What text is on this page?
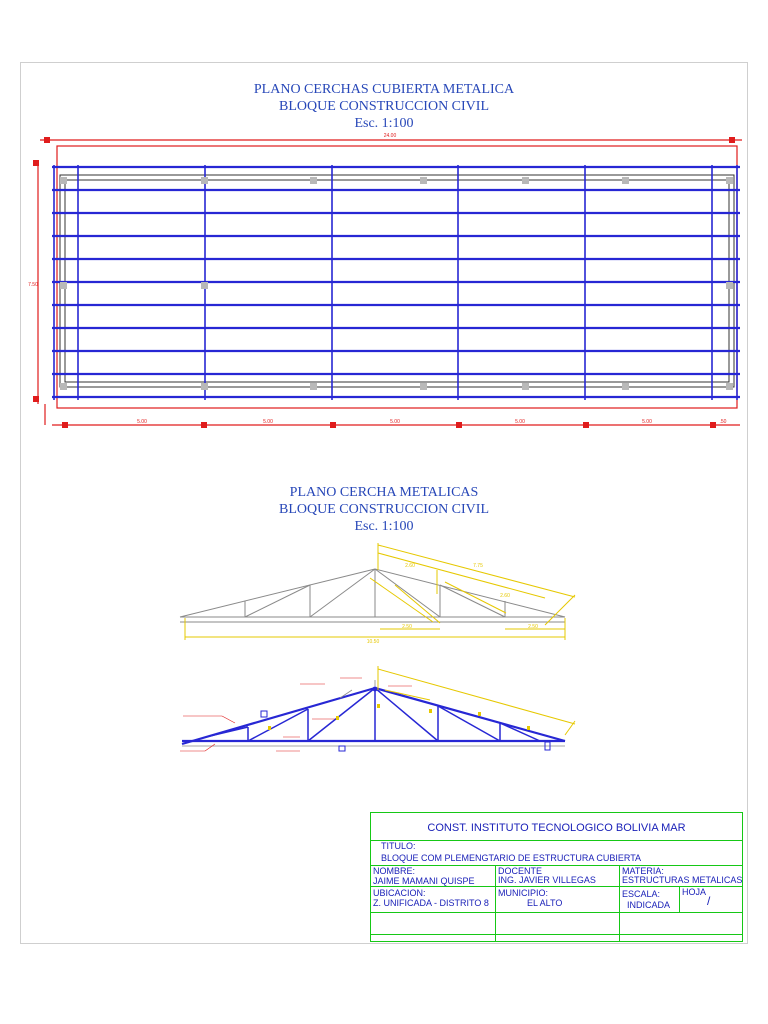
PLANO CERCHAS CUBIERTA METALICA
BLOQUE CONSTRUCCION CIVIL
Esc. 1:100
PLANO CERCHA METALICAS
BLOQUE CONSTRUCCION CIVIL
Esc. 1:100
24.00
7.50
5.00	5.00	5.00	5.00	5.00	.50
10.50
2.50	2.50
7.75
2.60
2.60
CONST. INSTITUTO TECNOLOGICO BOLIVIA MAR
TITULO:
BLOQUE COM PLEMENGTARIO DE ESTRUCTURA CUBIERTA
NOMBRE:
JAIME MAMANI QUISPE
DOCENTE
ING. JAVIER VILLEGAS
MATERIA:
ESTRUCTURAS METALICAS
UBICACION:
Z. UNIFICADA - DISTRITO 8
MUNICIPIO:
EL ALTO
ESCALA:
INDICADA
HOJA
/
